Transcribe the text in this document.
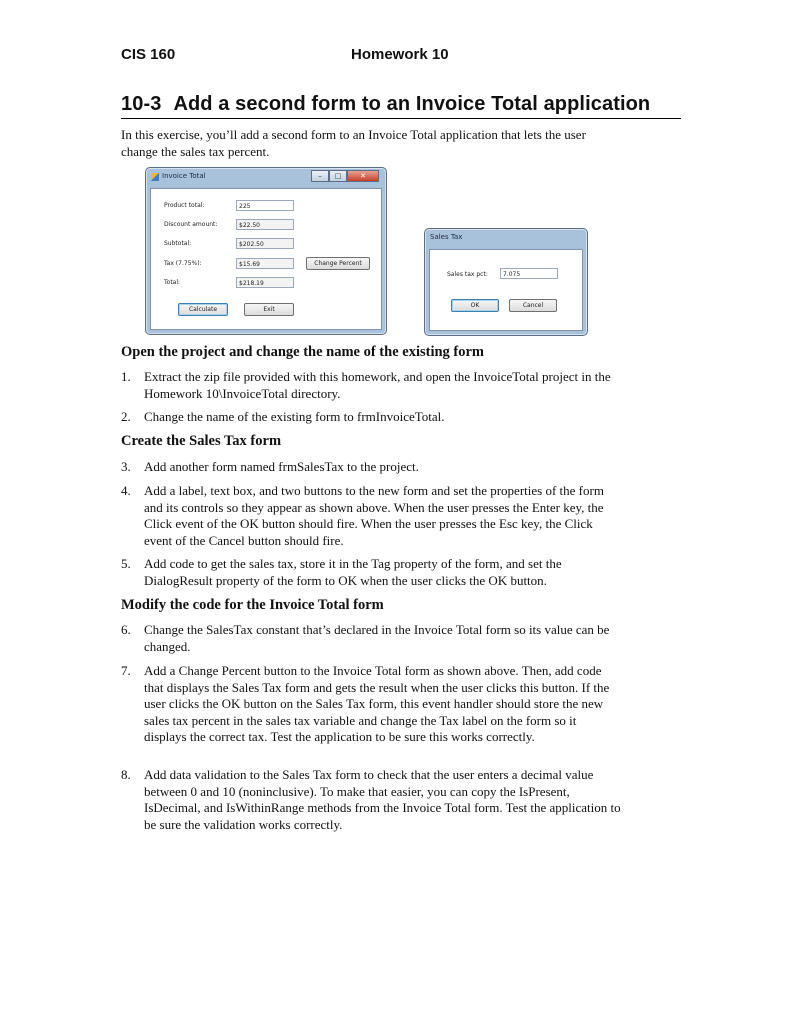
CIS 160	Homework 10
10-3 Add a second form to an Invoice Total application
In this exercise, you’ll add a second form to an Invoice Total application that lets the user change the sales tax percent.
Invoice Total	–	□	✕
Product total:	225
Discount amount:	$22.50
Subtotal:	$202.50
Tax (7.75%):	$15.69
Total:	$218.19
Change Percent
Calculate	Exit
Sales Tax
Sales tax pct:	7.075
OK	Cancel
Open the project and change the name of the existing form
1. Extract the zip file provided with this homework, and open the InvoiceTotal project in the Homework 10\InvoiceTotal directory.
2. Change the name of the existing form to frmInvoiceTotal.
Create the Sales Tax form
3. Add another form named frmSalesTax to the project.
4. Add a label, text box, and two buttons to the new form and set the properties of the form and its controls so they appear as shown above. When the user presses the Enter key, the Click event of the OK button should fire. When the user presses the Esc key, the Click event of the Cancel button should fire.
5. Add code to get the sales tax, store it in the Tag property of the form, and set the DialogResult property of the form to OK when the user clicks the OK button.
Modify the code for the Invoice Total form
6. Change the SalesTax constant that’s declared in the Invoice Total form so its value can be changed.
7. Add a Change Percent button to the Invoice Total form as shown above. Then, add code that displays the Sales Tax form and gets the result when the user clicks this button. If the user clicks the OK button on the Sales Tax form, this event handler should store the new sales tax percent in the sales tax variable and change the Tax label on the form so it displays the correct tax. Test the application to be sure this works correctly.
8. Add data validation to the Sales Tax form to check that the user enters a decimal value between 0 and 10 (noninclusive). To make that easier, you can copy the IsPresent, IsDecimal, and IsWithinRange methods from the Invoice Total form. Test the application to be sure the validation works correctly.
